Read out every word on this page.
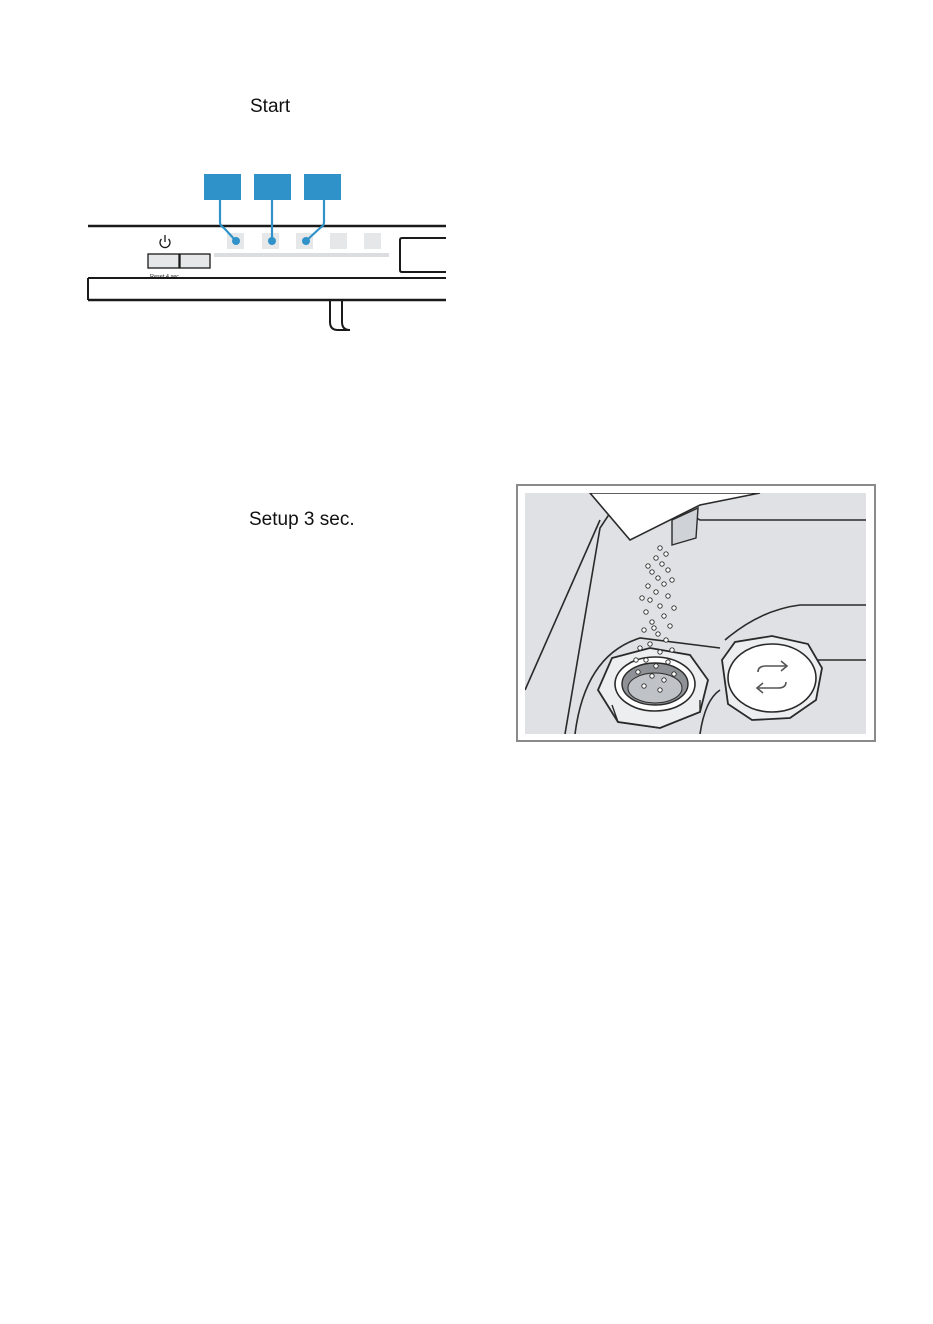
Start
Setup 3 sec.
Reset 4 sec.
